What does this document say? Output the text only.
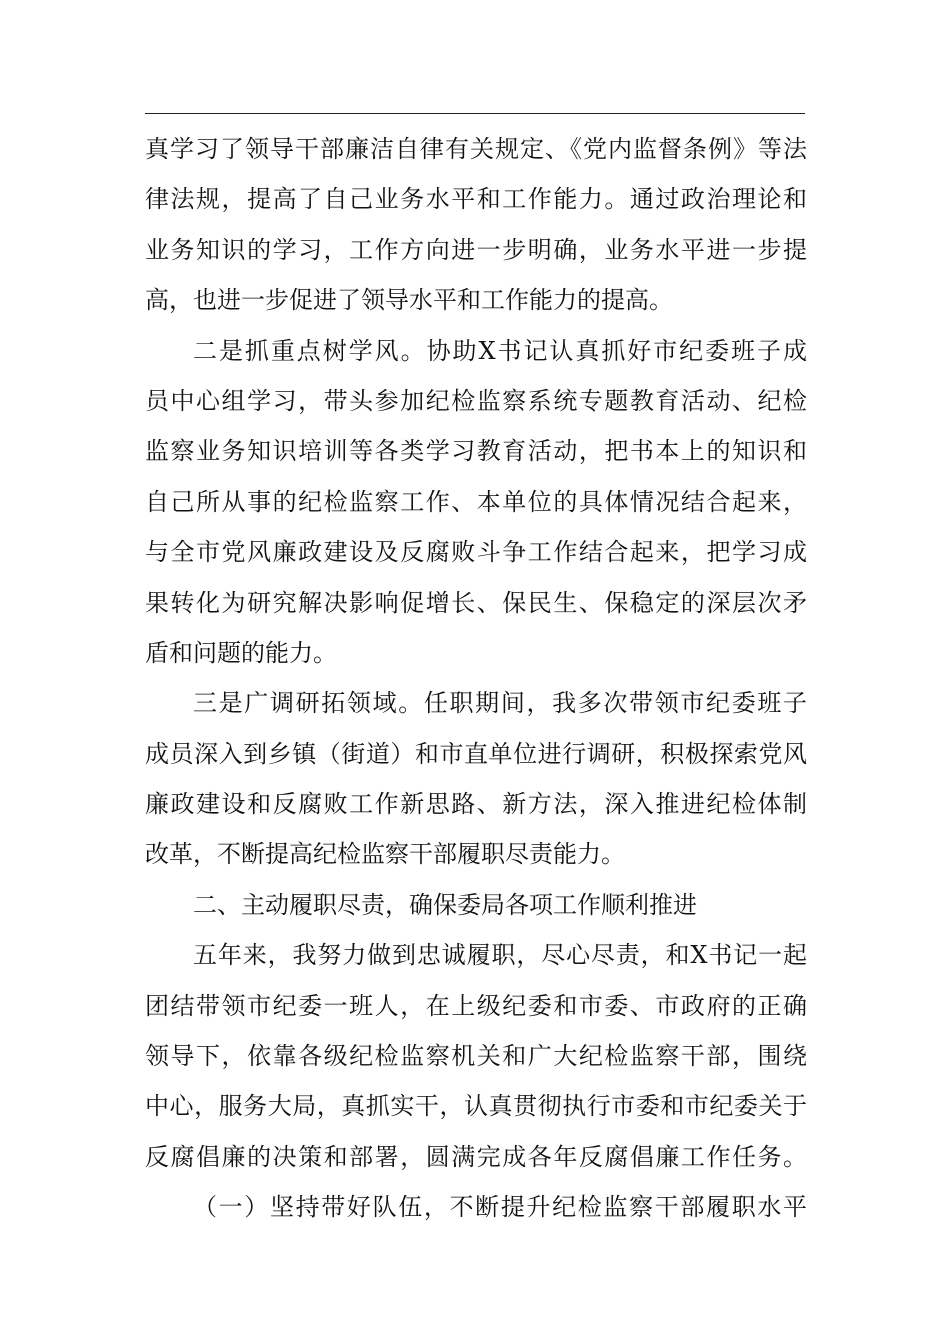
真学习了领导干部廉洁自律有关规定、《党内监督条例》等法
律法规，提高了自己业务水平和工作能力。通过政治理论和
业务知识的学习，工作方向进一步明确，业务水平进一步提
高，也进一步促进了领导水平和工作能力的提高。
二是抓重点树学风。协助X书记认真抓好市纪委班子成
员中心组学习，带头参加纪检监察系统专题教育活动、纪检
监察业务知识培训等各类学习教育活动，把书本上的知识和
自己所从事的纪检监察工作、本单位的具体情况结合起来，
与全市党风廉政建设及反腐败斗争工作结合起来，把学习成
果转化为研究解决影响促增长、保民生、保稳定的深层次矛
盾和问题的能力。
三是广调研拓领域。任职期间，我多次带领市纪委班子
成员深入到乡镇（街道）和市直单位进行调研，积极探索党风
廉政建设和反腐败工作新思路、新方法，深入推进纪检体制
改革，不断提高纪检监察干部履职尽责能力。
二、主动履职尽责，确保委局各项工作顺利推进
五年来，我努力做到忠诚履职，尽心尽责，和X书记一起
团结带领市纪委一班人，在上级纪委和市委、市政府的正确
领导下，依靠各级纪检监察机关和广大纪检监察干部，围绕
中心，服务大局，真抓实干，认真贯彻执行市委和市纪委关于
反腐倡廉的决策和部署，圆满完成各年反腐倡廉工作任务。
（一）坚持带好队伍，不断提升纪检监察干部履职水平
